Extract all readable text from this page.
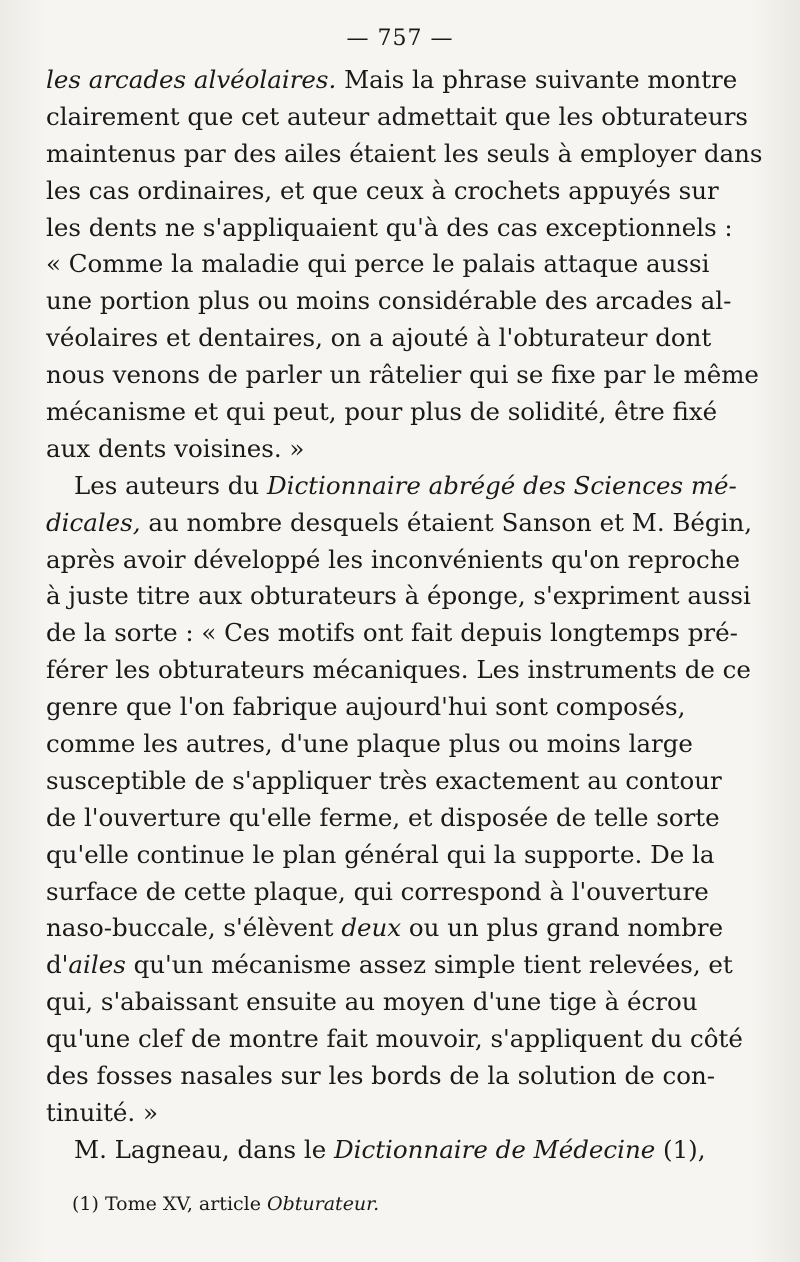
— 757 —
les arcades alvéolaires. Mais la phrase suivante montre
clairement que cet auteur admettait que les obturateurs
maintenus par des ailes étaient les seuls à employer dans
les cas ordinaires, et que ceux à crochets appuyés sur
les dents ne s'appliquaient qu'à des cas exceptionnels :
« Comme la maladie qui perce le palais attaque aussi
une portion plus ou moins considérable des arcades al-
véolaires et dentaires, on a ajouté à l'obturateur dont
nous venons de parler un râtelier qui se fixe par le même
mécanisme et qui peut, pour plus de solidité, être fixé
aux dents voisines. »
Les auteurs du Dictionnaire abrégé des Sciences mé-
dicales, au nombre desquels étaient Sanson et M. Bégin,
après avoir développé les inconvénients qu'on reproche
à juste titre aux obturateurs à éponge, s'expriment aussi
de la sorte : « Ces motifs ont fait depuis longtemps pré-
férer les obturateurs mécaniques. Les instruments de ce
genre que l'on fabrique aujourd'hui sont composés,
comme les autres, d'une plaque plus ou moins large
susceptible de s'appliquer très exactement au contour
de l'ouverture qu'elle ferme, et disposée de telle sorte
qu'elle continue le plan général qui la supporte. De la
surface de cette plaque, qui correspond à l'ouverture
naso-buccale, s'élèvent deux ou un plus grand nombre
d'ailes qu'un mécanisme assez simple tient relevées, et
qui, s'abaissant ensuite au moyen d'une tige à écrou
qu'une clef de montre fait mouvoir, s'appliquent du côté
des fosses nasales sur les bords de la solution de con-
tinuité. »
M. Lagneau, dans le Dictionnaire de Médecine (1),
(1) Tome XV, article Obturateur.
